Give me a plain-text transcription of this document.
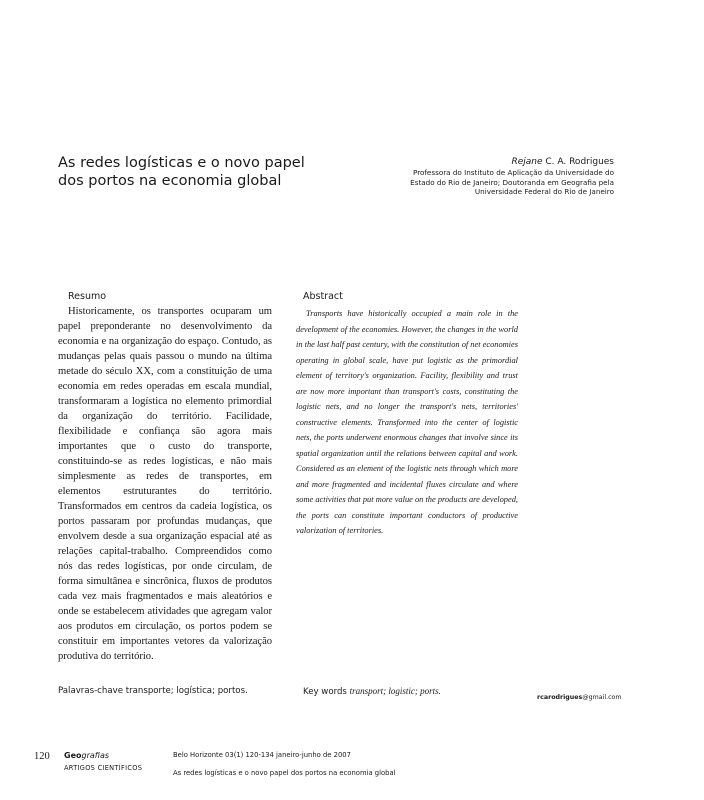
As redes logísticas e o novo papel
dos portos na economia global
Rejane C. A. Rodrigues
Professora do Instituto de Aplicação da Universidade do
Estado do Rio de Janeiro; Doutoranda em Geografia pela
Universidade Federal do Rio de Janeiro
Resumo	Abstract

Historicamente, os transportes ocuparam um papel preponderante no desenvolvimento da economia e na organização do espaço. Contudo, as mudanças pelas quais passou o mundo na última metade do século XX, com a constituição de uma economia em redes operadas em escala mundial, transformaram a logística no elemento primordial da organização do território. Facilidade, flexibilidade e confiança são agora mais importantes que o custo do transporte, constituindo-se as redes logísticas, e não mais simplesmente as redes de transportes, em elementos estruturantes do território. Transformados em centros da cadeia logística, os portos passaram por profundas mudanças, que envolvem desde a sua organização espacial até as relações capital-trabalho. Compreendidos como nós das redes logísticas, por onde circulam, de forma simultânea e sincrônica, fluxos de produtos cada vez mais fragmentados e mais aleatórios e onde se estabelecem atividades que agregam valor aos produtos em circulação, os portos podem se constituir em importantes vetores da valorização produtiva do território.

Transports have historically occupied a main role in the development of the economies. However, the changes in the world in the last half past century, with the constitution of net economies operating in global scale, have put logistic as the primordial element of territory's organization. Facility, flexibility and trust are now more important than transport's costs, constituting the logistic nets, and no longer the transport's nets, territories' constructive elements. Transformed into the center of logistic nets, the ports underwent enormous changes that involve since its spatial organization until the relations between capital and work. Considered as an element of the logistic nets through which more and more fragmented and incidental fluxes circulate and where some activities that put more value on the products are developed, the ports can constitute important conductors of productive valorization of territories.

Palavras-chave transporte; logística; portos.	Key words transport; logistic; ports.
rcarodrigues@gmail.com
120 Geografias
ARTIGOS CIENTÍFICOS
Belo Horizonte 03(1) 120-134 janeiro-junho de 2007
As redes logísticas e o novo papel dos portos na economia global
